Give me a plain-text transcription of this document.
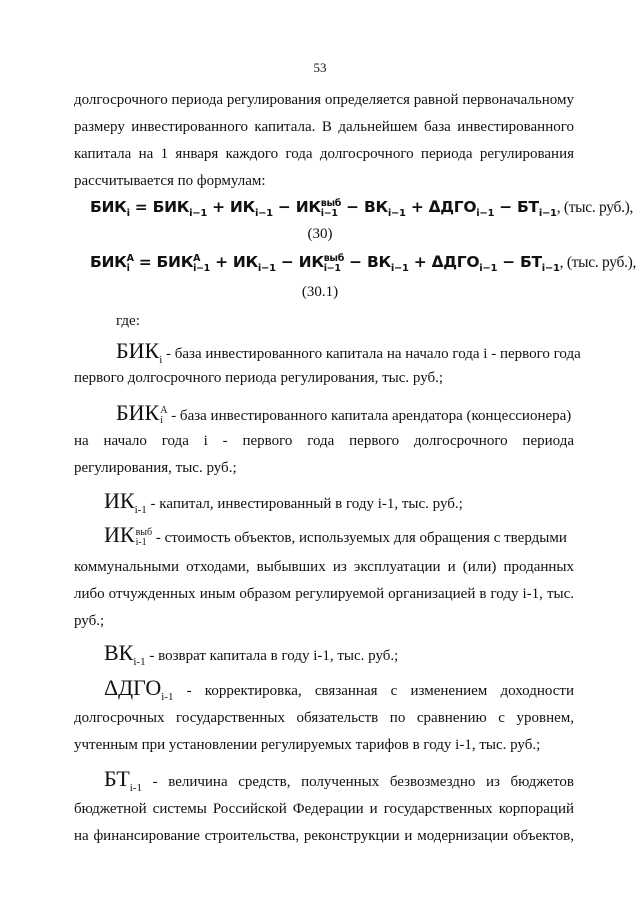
53
долгосрочного периода регулирования определяется равной первоначальному
размеру инвестированного капитала. В дальнейшем база инвестированного
капитала на 1 января каждого года долгосрочного периода регулирования
рассчитывается по формулам:
$БИК_i = БИК_{i-1} + ИК_{i-1}$ − ИК выб
$i-1 - ВК_{i-1} + \Delta ДГО_{i-1} - БТ_{i-1}$, (тыс. руб.),
(30)
БИК A
i = БИК A
$i-1 + ИК_{i-1}$ − ИК выб
$i-1 - ВК_{i-1} + \Delta ДГО_{i-1} - БТ_{i-1}$, (тыс. руб.),
(30.1)
где:
$БИК_i$ - база инвестированного капитала на начало года i - первого года
первого долгосрочного периода регулирования, тыс. руб.;
БИК A
i - база инвестированного капитала арендатора (концессионера)
на начало года i - первого года первого долгосрочного периода
регулирования, тыс. руб.;
$ИК_{i-1}$ - капитал, инвестированный в году i-1, тыс. руб.;
ИК выб
i-1 - стоимость объектов, используемых для обращения с твердыми
коммунальными отходами, выбывших из эксплуатации и (или) проданных
либо отчужденных иным образом регулируемой организацией в году i-1, тыс.
руб.;
$ВК_{i-1}$ - возврат капитала в году i-1, тыс. руб.;
$\Delta ДГО_{i-1}$ - корректировка, связанная с изменением доходности
долгосрочных государственных обязательств по сравнению с уровнем,
учтенным при установлении регулируемых тарифов в году i-1, тыс. руб.;
$БТ_{i-1}$ - величина средств, полученных безвозмездно из бюджетов
бюджетной системы Российской Федерации и государственных корпораций
на финансирование строительства, реконструкции и модернизации объектов,
